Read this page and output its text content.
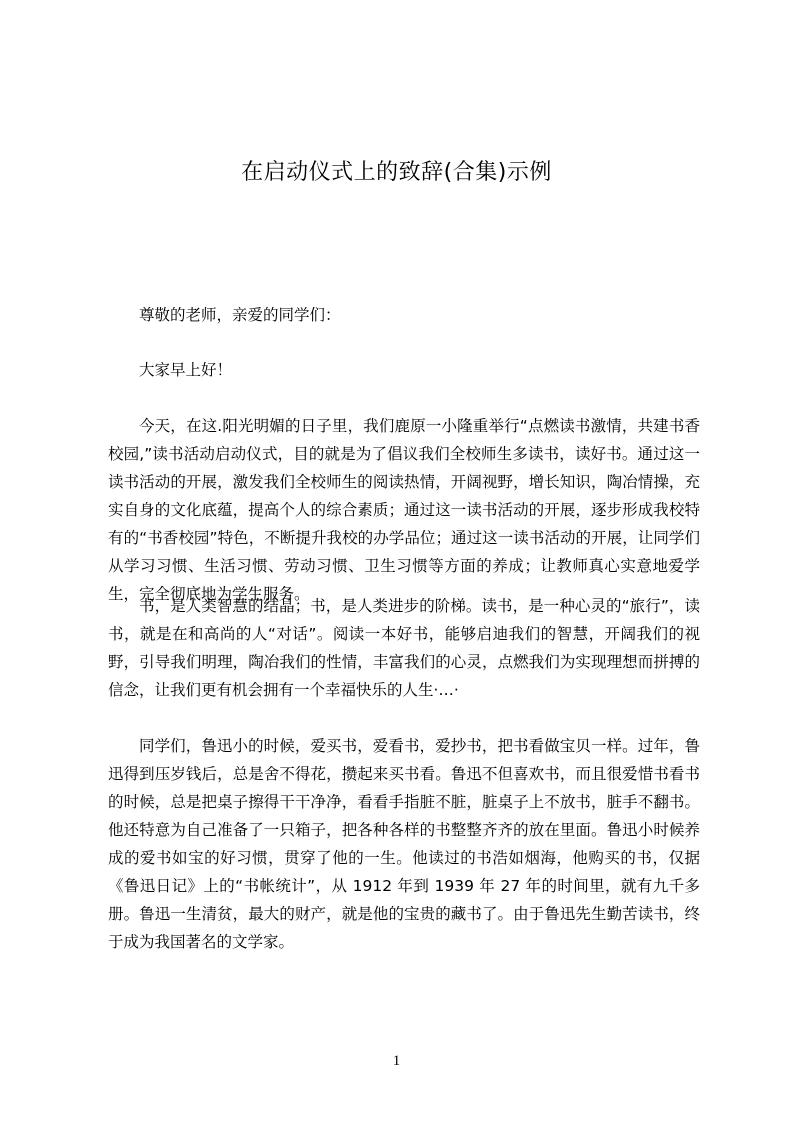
在启动仪式上的致辞(合集)示例

尊敬的老师，亲爱的同学们：

大家早上好！

今天，在这.阳光明媚的日子里，我们鹿原一小隆重举行“点燃读书激情，共建书香校园,”读书活动启动仪式，目的就是为了倡议我们全校师生多读书，读好书。通过这一读书活动的开展，激发我们全校师生的阅读热情，开阔视野，增长知识，陶冶情操，充实自身的文化底蕴，提高个人的综合素质；通过这一读书活动的开展，逐步形成我校特有的“书香校园”特色，不断提升我校的办学品位；通过这一读书活动的开展，让同学们从学习习惯、生活习惯、劳动习惯、卫生习惯等方面的养成；让教师真心实意地爱学生，完全彻底地为学生服务。

书，是人类智慧的结晶；书，是人类进步的阶梯。读书，是一种心灵的“旅行”，读书，就是在和高尚的人“对话”。阅读一本好书，能够启迪我们的智慧，开阔我们的视野，引导我们明理，陶冶我们的性情，丰富我们的心灵，点燃我们为实现理想而拼搏的信念，让我们更有机会拥有一个幸福快乐的人生·…·

同学们，鲁迅小的时候，爱买书，爱看书，爱抄书，把书看做宝贝一样。过年，鲁迅得到压岁钱后，总是舍不得花，攒起来买书看。鲁迅不但喜欢书，而且很爱惜书看书的时候，总是把桌子擦得干干净净，看看手指脏不脏，脏桌子上不放书，脏手不翻书。他还特意为自己准备了一只箱子，把各种各样的书整整齐齐的放在里面。鲁迅小时候养成的爱书如宝的好习惯，贯穿了他的一生。他读过的书浩如烟海，他购买的书，仅据《鲁迅日记》上的“书帐统计”，从 1912 年到 1939 年 27 年的时间里，就有九千多册。鲁迅一生清贫，最大的财产，就是他的宝贵的藏书了。由于鲁迅先生勤苦读书，终于成为我国著名的文学家。

1
